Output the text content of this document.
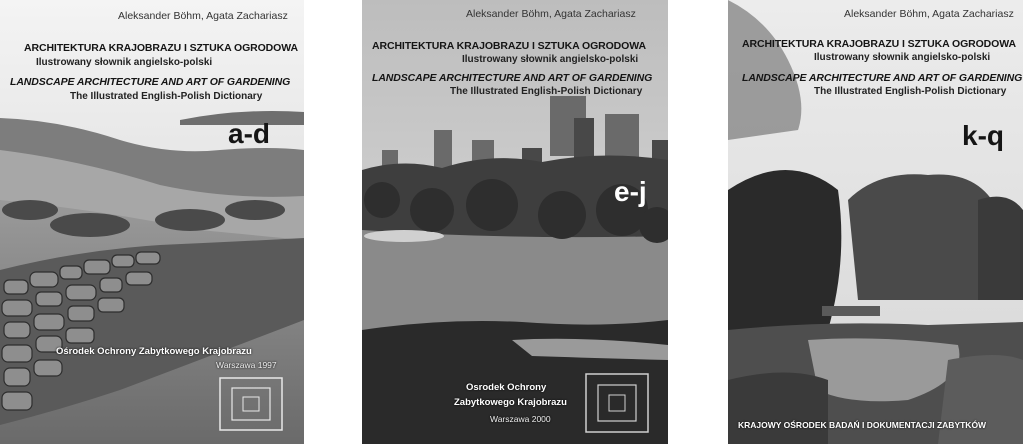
Aleksander Böhm, Agata Zachariasz
ARCHITEKTURA KRAJOBRAZU I SZTUKA OGRODOWA
Ilustrowany słownik angielsko-polski
LANDSCAPE ARCHITECTURE AND ART OF GARDENING
The Illustrated English-Polish Dictionary
a-d
Ośrodek Ochrony Zabytkowego Krajobrazu
Warszawa 1997
Aleksander Böhm, Agata Zachariasz
ARCHITEKTURA KRAJOBRAZU I SZTUKA OGRODOWA
Ilustrowany słownik angielsko-polski
LANDSCAPE ARCHITECTURE AND ART OF GARDENING
The Illustrated English-Polish Dictionary
e-j
Osrodek Ochrony
Zabytkowego Krajobrazu
Warszawa 2000
Aleksander Böhm, Agata Zachariasz
ARCHITEKTURA KRAJOBRAZU I SZTUKA OGRODOWA
Ilustrowany słownik angielsko-polski
LANDSCAPE ARCHITECTURE AND ART OF GARDENING
The Illustrated English-Polish Dictionary
k-q
KRAJOWY OŚRODEK BADAŃ I DOKUMENTACJI ZABYTKÓW
